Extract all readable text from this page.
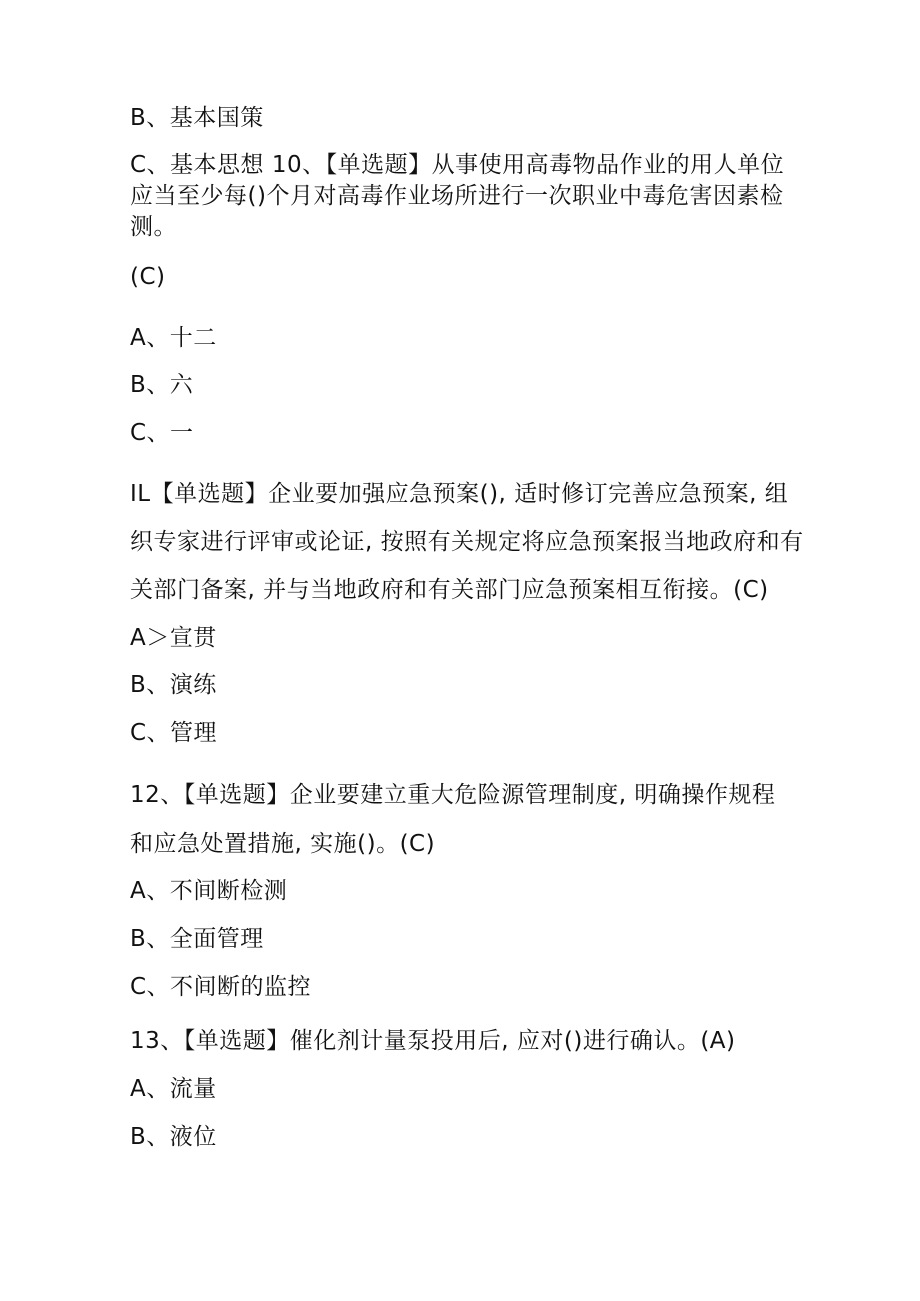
B、基本国策
C、基本思想 10、【单选题】从事使用高毒物品作业的用人单位
应当至少每()个月对高毒作业场所进行一次职业中毒危害因素检
测。
(C)
A、十二
B、六
C、一
IL【单选题】企业要加强应急预案(), 适时修订完善应急预案, 组
织专家进行评审或论证, 按照有关规定将应急预案报当地政府和有
关部门备案, 并与当地政府和有关部门应急预案相互衔接。(C)
A＞宣贯
B、演练
C、管理
12、【单选题】企业要建立重大危险源管理制度, 明确操作规程
和应急处置措施, 实施()。(C)
A、不间断检测
B、全面管理
C、不间断的监控
13、【单选题】催化剂计量泵投用后, 应对()进行确认。(A)
A、流量
B、液位
